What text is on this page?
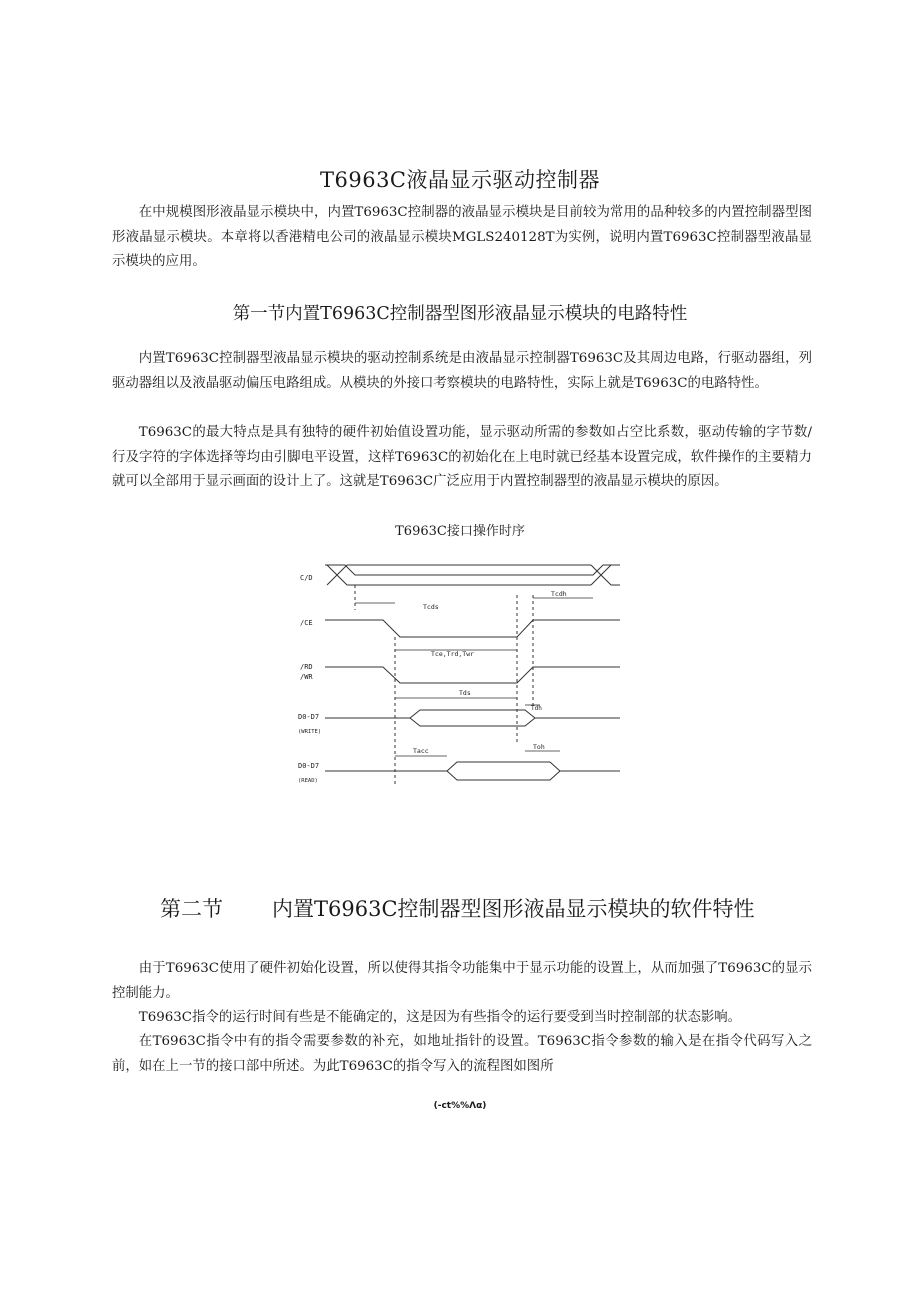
T6963C液晶显示驱动控制器

在中规模图形液晶显示模块中，内置T6963C控制器的液晶显示模块是目前较为常用的品种较多的内置控制器型图形液晶显示模块。本章将以香港精电公司的液晶显示模块MGLS240128T为实例，说明内置T6963C控制器型液晶显示模块的应用。

第一节内置T6963C控制器型图形液晶显示模块的电路特性

内置T6963C控制器型液晶显示模块的驱动控制系统是由液晶显示控制器T6963C及其周边电路，行驱动器组，列驱动器组以及液晶驱动偏压电路组成。从模块的外接口考察模块的电路特性，实际上就是T6963C的电路特性。

T6963C的最大特点是具有独特的硬件初始值设置功能，显示驱动所需的参数如占空比系数，驱动传输的字节数/行及字符的字体选择等均由引脚电平设置，这样T6963C的初始化在上电时就已经基本设置完成，软件操作的主要精力就可以全部用于显示画面的设计上了。这就是T6963C广泛应用于内置控制器型的液晶显示模块的原因。

T6963C接口操作时序
C/D
/CE
/RD
/WR
D0-D7
(WRITE)
D0-D7
(READ)
Tcds
Tcdh
Tce,Trd,Twr
Tds
Tdh
Tacc	Toh
第二节 内置T6963C控制器型图形液晶显示模块的软件特性

由于T6963C使用了硬件初始化设置，所以使得其指令功能集中于显示功能的设置上，从而加强了T6963C的显示控制能力。

T6963C指令的运行时间有些是不能确定的，这是因为有些指令的运行要受到当时控制部的状态影响。

在T6963C指令中有的指令需要参数的补充，如地址指针的设置。T6963C指令参数的输入是在指令代码写入之前，如在上一节的接口部中所述。为此T6963C的指令写入的流程图如图所

(-ct%%Λα)
